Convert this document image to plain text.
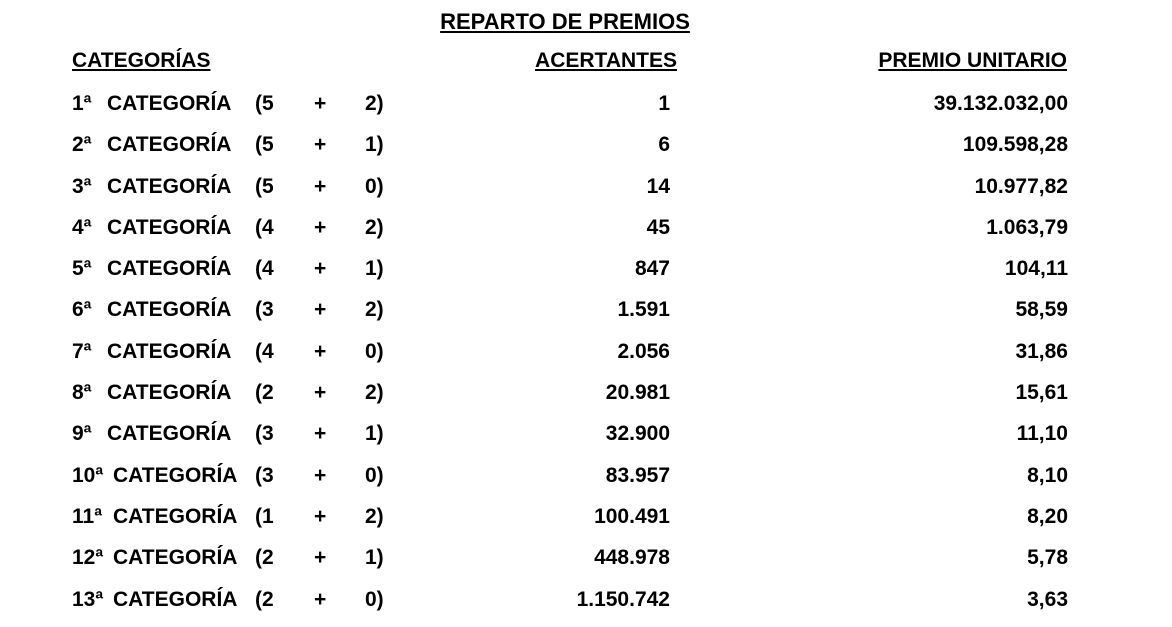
REPARTO DE PREMIOS
CATEGORÍAS	ACERTANTES	PREMIO UNITARIO
1ª CATEGORÍA (5 + 2)	1	39.132.032,00
2ª CATEGORÍA (5 + 1)	6	109.598,28
3ª CATEGORÍA (5 + 0)	14	10.977,82
4ª CATEGORÍA (4 + 2)	45	1.063,79
5ª CATEGORÍA (4 + 1)	847	104,11
6ª CATEGORÍA (3 + 2)	1.591	58,59
7ª CATEGORÍA (4 + 0)	2.056	31,86
8ª CATEGORÍA (2 + 2)	20.981	15,61
9ª CATEGORÍA (3 + 1)	32.900	11,10
10ª CATEGORÍA (3 + 0)	83.957	8,10
11ª CATEGORÍA (1 + 2)	100.491	8,20
12ª CATEGORÍA (2 + 1)	448.978	5,78
13ª CATEGORÍA (2 + 0)	1.150.742	3,63
